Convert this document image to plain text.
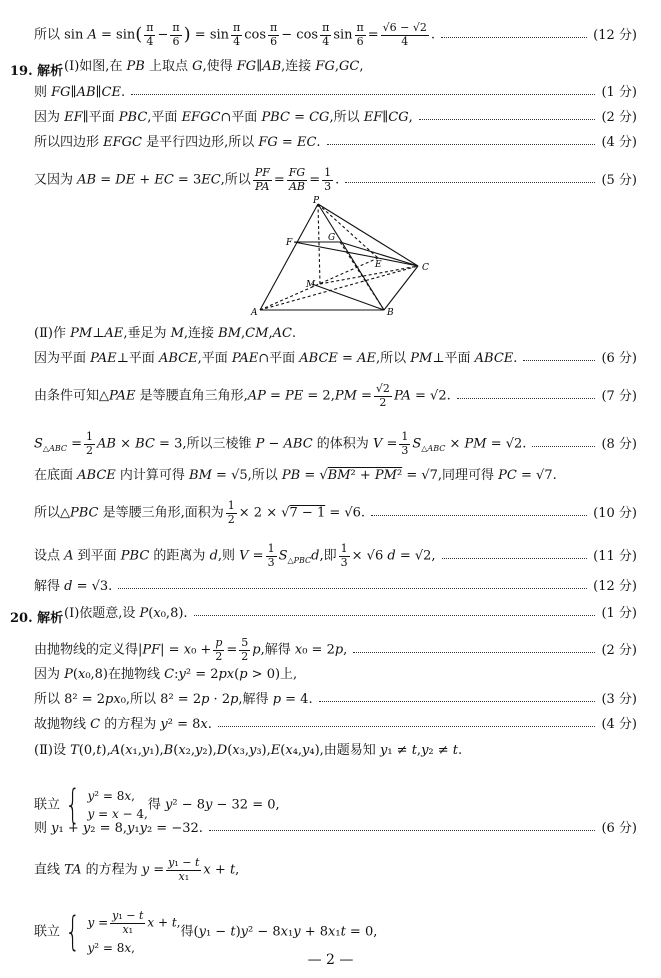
所以 $\sin A = \sin( \frac{\pi}{4} - \frac{\pi}{6}$ ) = $\sin \frac{\pi}{4}$ $\cos \frac{\pi}{6} - \cos \frac{\pi}{4}$ $\sin \frac{\pi}{6} = \frac{√6 - √2}{4}$ .	(12 分)
19. 解析 (Ⅰ)如图,在 PB 上取点 G,使得 FG∥AB,连接 FG,GC,
则 FG∥AB∥CE.	(1 分)
因为 EF∥平面 PBC,平面 EFGC∩平面 PBC = CG,所以 EF∥CG,	(2 分)
所以四边形 EFGC 是平行四边形,所以 FG = EC.	(4 分)
又因为 AB = DE + EC = 3EC,所以 $\frac{PF}{PA} = \frac{FG}{AB} = \frac{1}{3}$ .	(5 分)
P
F	G
E	C
M
A	B
(Ⅱ)作 PM⊥AE,垂足为 M,连接 BM,CM,AC.
因为平面 PAE⊥平面 ABCE,平面 PAE∩平面 ABCE = AE,所以 PM⊥平面 ABCE.	(6 分)
由条件可知△PAE 是等腰直角三角形,AP = PE = $2,PM = \frac{√2}{2}$ PA = √2.	(7 分)
$S_{\triangle ABC} = \frac{1}{2}$ AB × BC = 3,所以三棱锥 P − ABC 的体积为 $V = \frac{1}{3} S_{\triangle ABC}$ × PM = √2.	(8 分)
在底面 ABCE 内计算可得 BM = √5,所以 PB = √BM² + PM² = √7,同理可得 PC = √7.
所以△PBC 是等腰三角形,面积为 $\frac{1}{2} \times 2 \times √7 - 1 = √6$.	(10 分)
设点 A 到平面 PBC 的距离为 d,则 $V = \frac{1}{3} S_{\triangle PBC}d$,即 $\frac{1}{3} \times √6$ d = √2,	(11 分)
解得 d = √3.	(12 分)
20. 解析 (Ⅰ)依题意,设 P(x₀,8).	(1 分)
由抛物线的定义得$|PF| = x_0 + \frac{p}{2} = \frac{5}{2} p$,解得 x₀ = 2p,	(2 分)
因为 P(x₀,8)在抛物线 C:y² = 2px(p > 0)上,
所以 8² = 2px₀,所以 8² = 2p · 2p,解得 p = 4.	(3 分)
故抛物线 C 的方程为 y² = 8x.	(4 分)
(Ⅱ)设 T(0,t),A(x₁,y₁),B(x₂,y₂),D(x₃,y₃),E(x₄,y₄),由题易知 y₁ ≠ t,y₂ ≠ t.
联立 { y² = 8x,
y = x − 4,
得 y² − 8y − 32 = 0,
则 y₁ + y₂ = 8,y₁y₂ = −32.	(6 分)
直线 TA 的方程为 $y = \frac{\text{y₁ − t}}{\text{x₁}}$ x + t,
联立 { $y = \frac{\text{y₁ − t}}{\text{x₁}}$ x + t,
y² = 8x,
得(y₁ − t)y² − 8x₁y + 8x₁t = 0,
— 2 —
